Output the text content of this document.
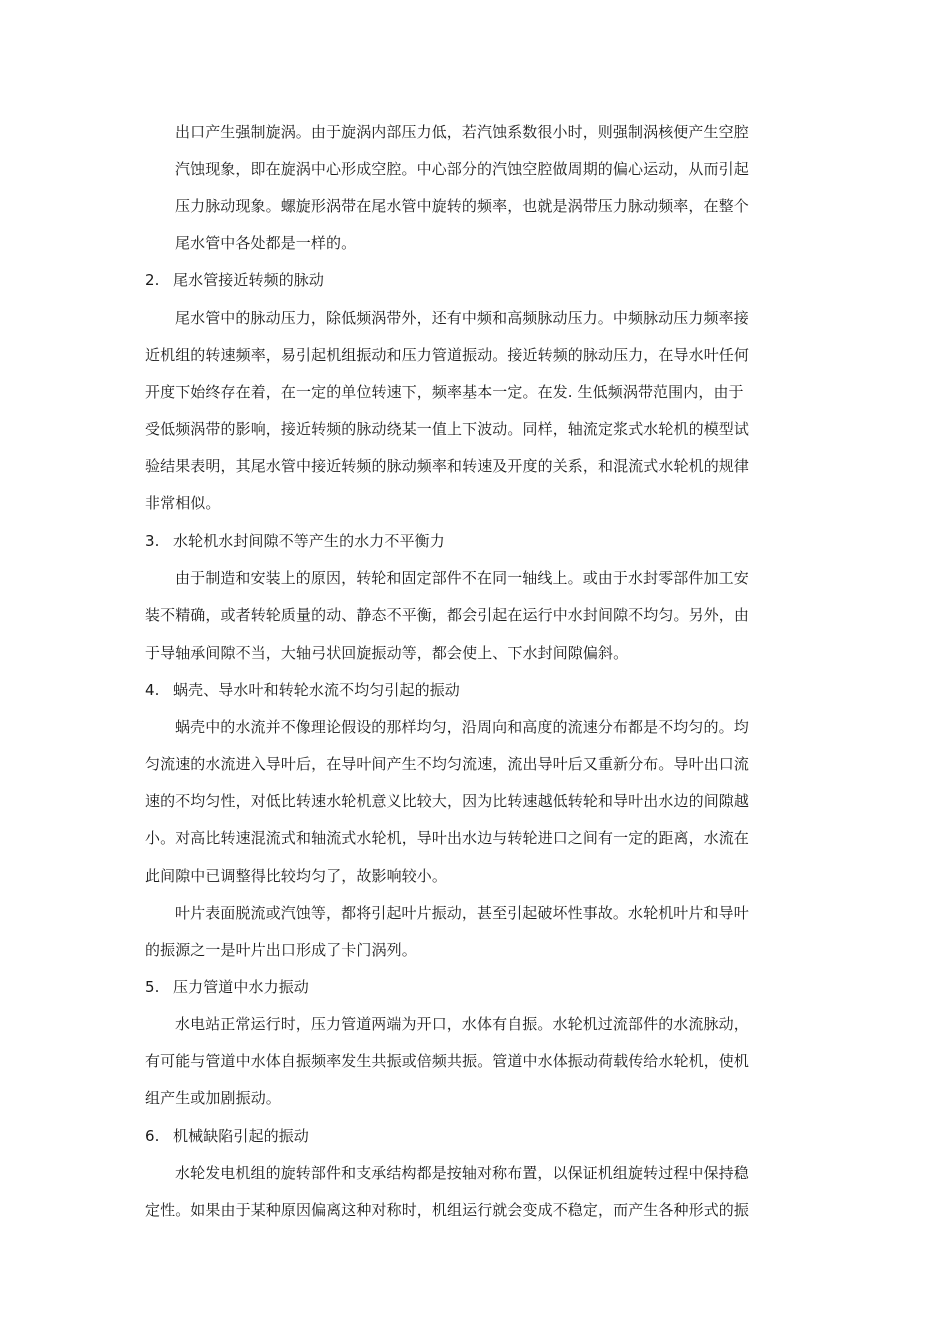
出口产生强制旋涡。由于旋涡内部压力低，若汽蚀系数很小时，则强制涡核便产生空腔
汽蚀现象，即在旋涡中心形成空腔。中心部分的汽蚀空腔做周期的偏心运动，从而引起
压力脉动现象。螺旋形涡带在尾水管中旋转的频率，也就是涡带压力脉动频率，在整个
尾水管中各处都是一样的。
2. 尾水管接近转频的脉动
尾水管中的脉动压力，除低频涡带外，还有中频和高频脉动压力。中频脉动压力频率接
近机组的转速频率，易引起机组振动和压力管道振动。接近转频的脉动压力，在导水叶任何
开度下始终存在着，在一定的单位转速下，频率基本一定。在发. 生低频涡带范围内，由于
受低频涡带的影响，接近转频的脉动绕某一值上下波动。同样，轴流定浆式水轮机的模型试
验结果表明，其尾水管中接近转频的脉动频率和转速及开度的关系，和混流式水轮机的规律
非常相似。
3. 水轮机水封间隙不等产生的水力不平衡力
由于制造和安装上的原因，转轮和固定部件不在同一轴线上。或由于水封零部件加工安
装不精确，或者转轮质量的动、静态不平衡，都会引起在运行中水封间隙不均匀。另外，由
于导轴承间隙不当，大轴弓状回旋振动等，都会使上、下水封间隙偏斜。
4. 蜗壳、导水叶和转轮水流不均匀引起的振动
蜗壳中的水流并不像理论假设的那样均匀，沿周向和高度的流速分布都是不均匀的。均
匀流速的水流进入导叶后，在导叶间产生不均匀流速，流出导叶后又重新分布。导叶出口流
速的不均匀性，对低比转速水轮机意义比较大，因为比转速越低转轮和导叶出水边的间隙越
小。对高比转速混流式和轴流式水轮机，导叶出水边与转轮进口之间有一定的距离，水流在
此间隙中已调整得比较均匀了，故影响较小。
叶片表面脱流或汽蚀等，都将引起叶片振动，甚至引起破坏性事故。水轮机叶片和导叶
的振源之一是叶片出口形成了卡门涡列。
5. 压力管道中水力振动
水电站正常运行时，压力管道两端为开口，水体有自振。水轮机过流部件的水流脉动，
有可能与管道中水体自振频率发生共振或倍频共振。管道中水体振动荷载传给水轮机，使机
组产生或加剧振动。
6. 机械缺陷引起的振动
水轮发电机组的旋转部件和支承结构都是按轴对称布置，以保证机组旋转过程中保持稳
定性。如果由于某种原因偏离这种对称时，机组运行就会变成不稳定，而产生各种形式的振
